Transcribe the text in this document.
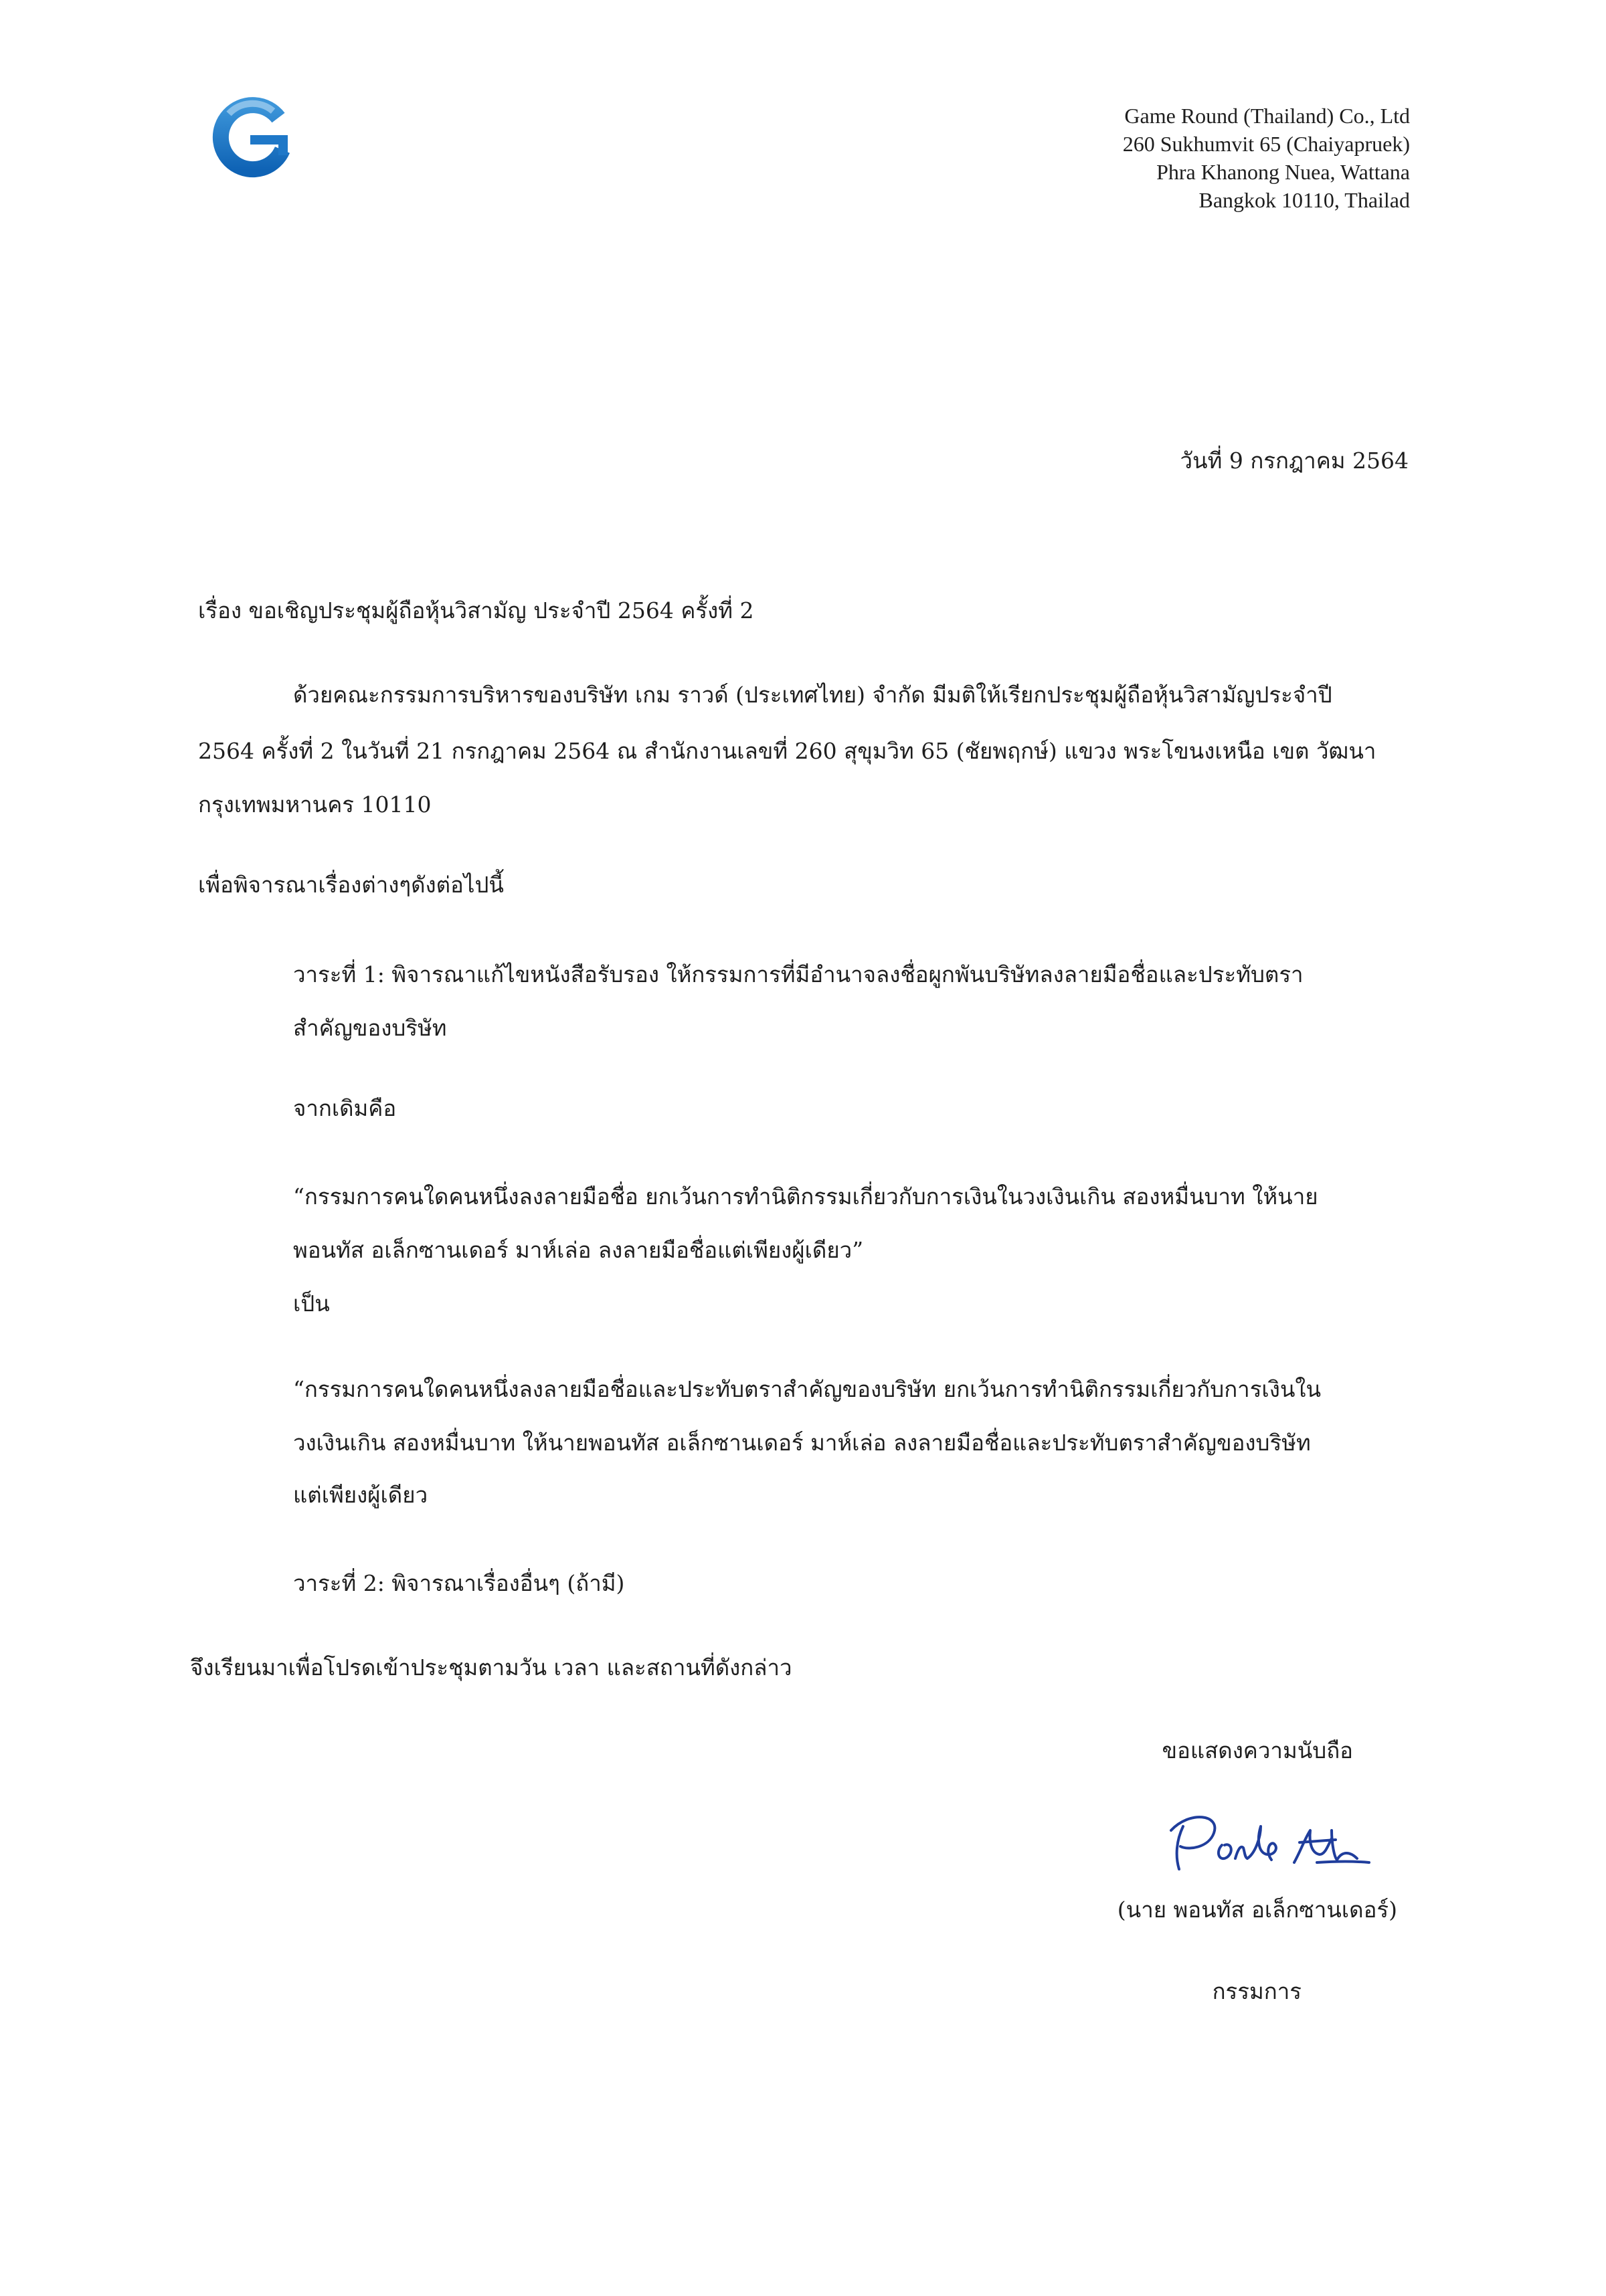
Game Round (Thailand) Co., Ltd
260 Sukhumvit 65 (Chaiyapruek)
Phra Khanong Nuea, Wattana
Bangkok 10110, Thailad
วันที่ 9 กรกฎาคม 2564
เรื่อง ขอเชิญประชุมผู้ถือหุ้นวิสามัญ ประจำปี 2564 ครั้งที่ 2
ด้วยคณะกรรมการบริหารของบริษัท เกม ราวด์ (ประเทศไทย) จำกัด มีมติให้เรียกประชุมผู้ถือหุ้นวิสามัญประจำปี
2564 ครั้งที่ 2 ในวันที่ 21 กรกฎาคม 2564 ณ สำนักงานเลขที่ 260 สุขุมวิท 65 (ชัยพฤกษ์) แขวง พระโขนงเหนือ เขต วัฒนา
กรุงเทพมหานคร 10110
เพื่อพิจารณาเรื่องต่างๆดังต่อไปนี้
วาระที่ 1: พิจารณาแก้ไขหนังสือรับรอง ให้กรรมการที่มีอำนาจลงชื่อผูกพันบริษัทลงลายมือชื่อและประทับตรา
สำคัญของบริษัท
จากเดิมคือ
“กรรมการคนใดคนหนึ่งลงลายมือชื่อ ยกเว้นการทำนิติกรรมเกี่ยวกับการเงินในวงเงินเกิน สองหมื่นบาท ให้นาย
พอนทัส อเล็กซานเดอร์ มาห์เล่อ ลงลายมือชื่อแต่เพียงผู้เดียว”
เป็น
“กรรมการคนใดคนหนึ่งลงลายมือชื่อและประทับตราสำคัญของบริษัท ยกเว้นการทำนิติกรรมเกี่ยวกับการเงินใน
วงเงินเกิน สองหมื่นบาท ให้นายพอนทัส อเล็กซานเดอร์ มาห์เล่อ ลงลายมือชื่อและประทับตราสำคัญของบริษัท
แต่เพียงผู้เดียว
วาระที่ 2: พิจารณาเรื่องอื่นๆ (ถ้ามี)
จึงเรียนมาเพื่อโปรดเข้าประชุมตามวัน เวลา และสถานที่ดังกล่าว
ขอแสดงความนับถือ
(นาย พอนทัส อเล็กซานเดอร์)
กรรมการ
